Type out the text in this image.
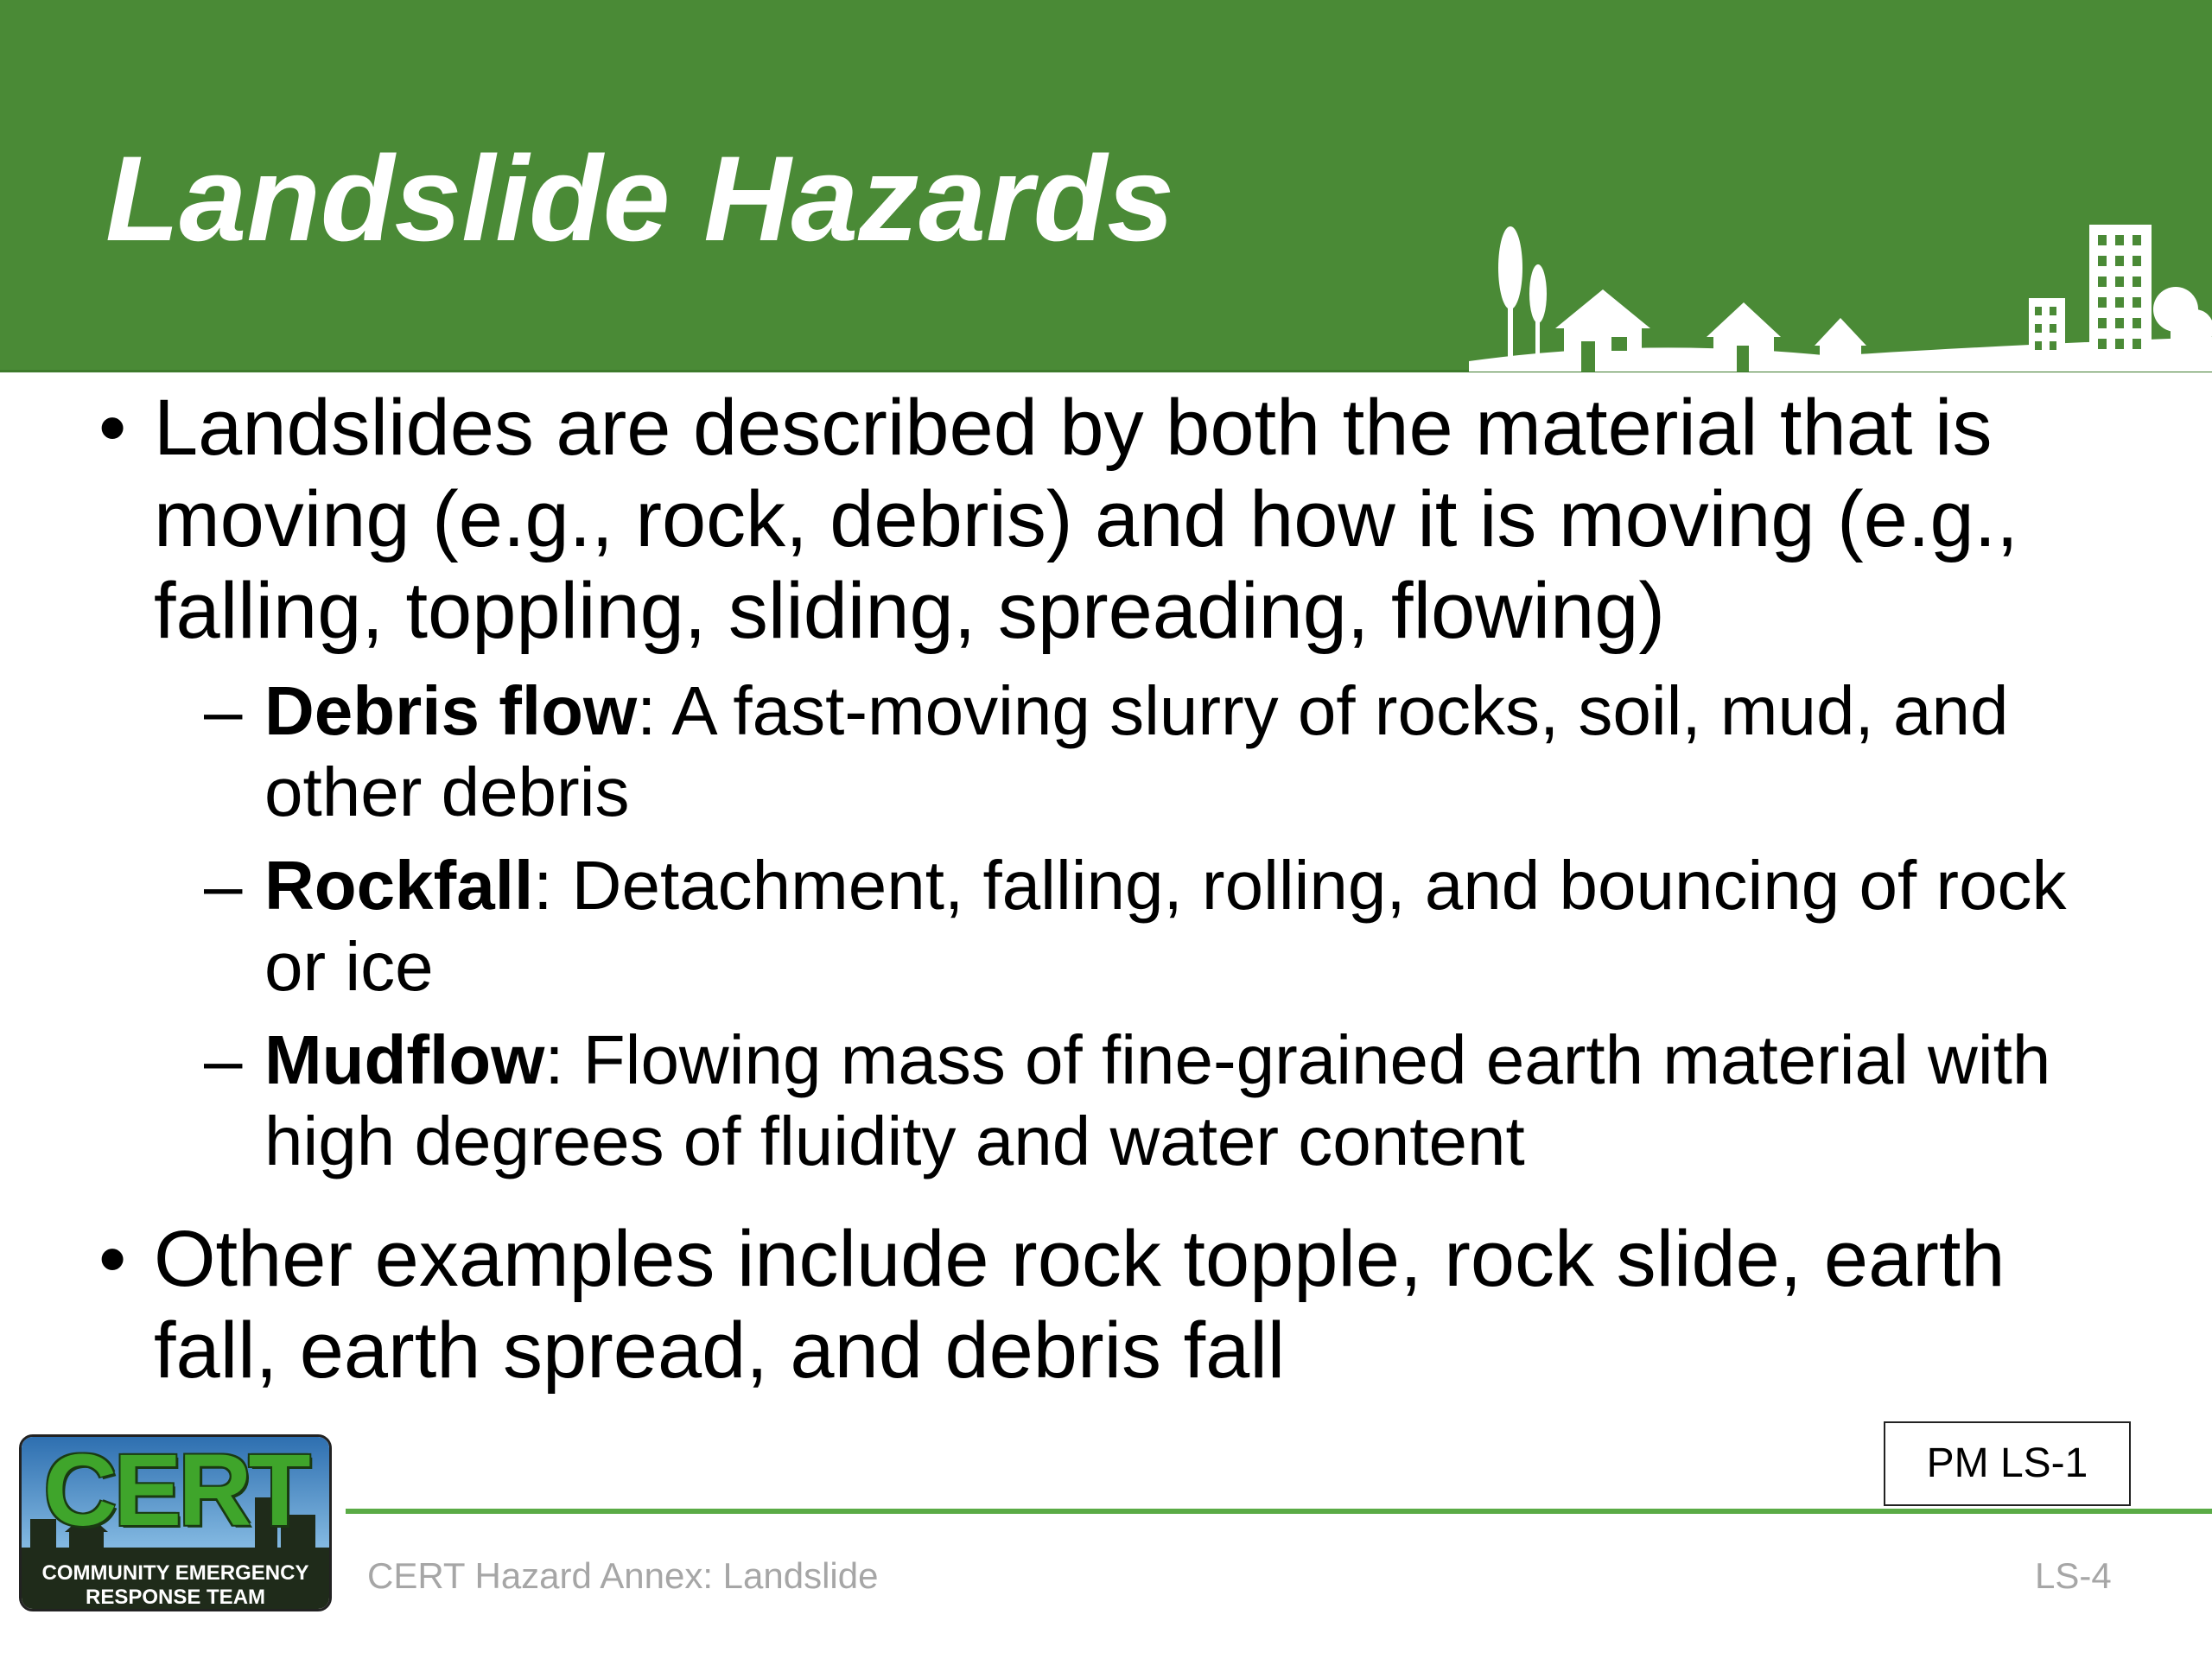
Landslide Hazards
• Landslides are described by both the material that is moving (e.g., rock, debris) and how it is moving (e.g., falling, toppling, sliding, spreading, flowing)
– Debris flow: A fast-moving slurry of rocks, soil, mud, and other debris
– Rockfall: Detachment, falling, rolling, and bouncing of rock or ice
– Mudflow: Flowing mass of fine-grained earth material with high degrees of fluidity and water content
• Other examples include rock topple, rock slide, earth fall, earth spread, and debris fall
PM LS-1
CERT
COMMUNITY EMERGENCY
RESPONSE TEAM
CERT Hazard Annex: Landslide	LS-4
